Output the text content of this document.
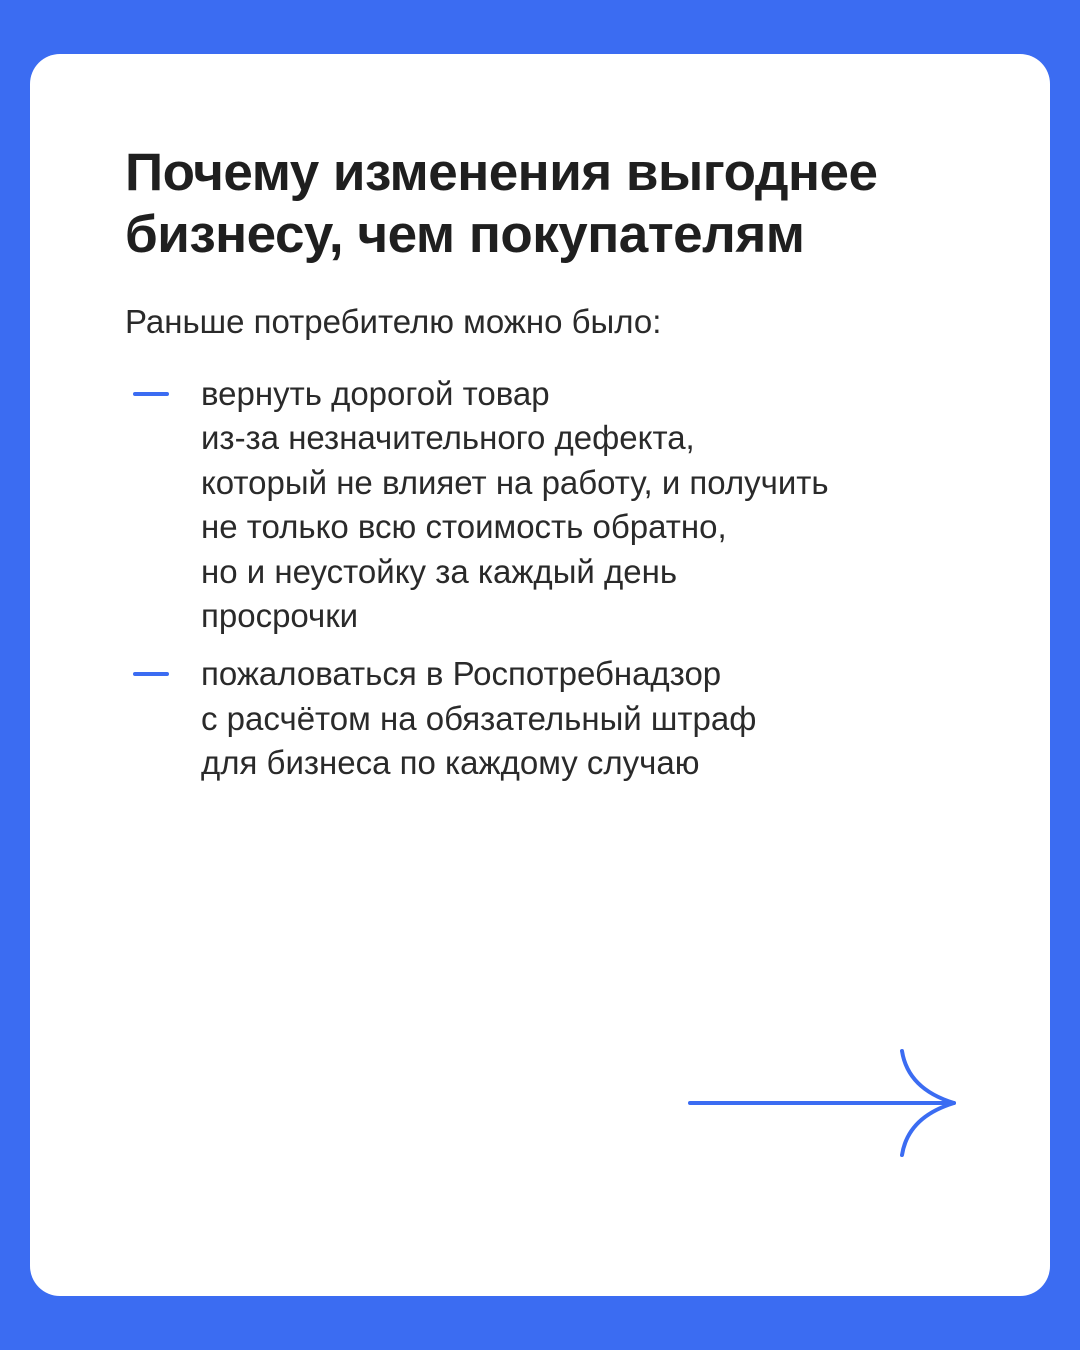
Почему изменения выгоднее
бизнесу, чем покупателям

Раньше потребителю можно было:

вернуть дорогой товар
из-за незначительного дефекта,
который не влияет на работу, и получить
не только всю стоимость обратно,
но и неустойку за каждый день
просрочки
пожаловаться в Роспотребнадзор
с расчётом на обязательный штраф
для бизнеса по каждому случаю
